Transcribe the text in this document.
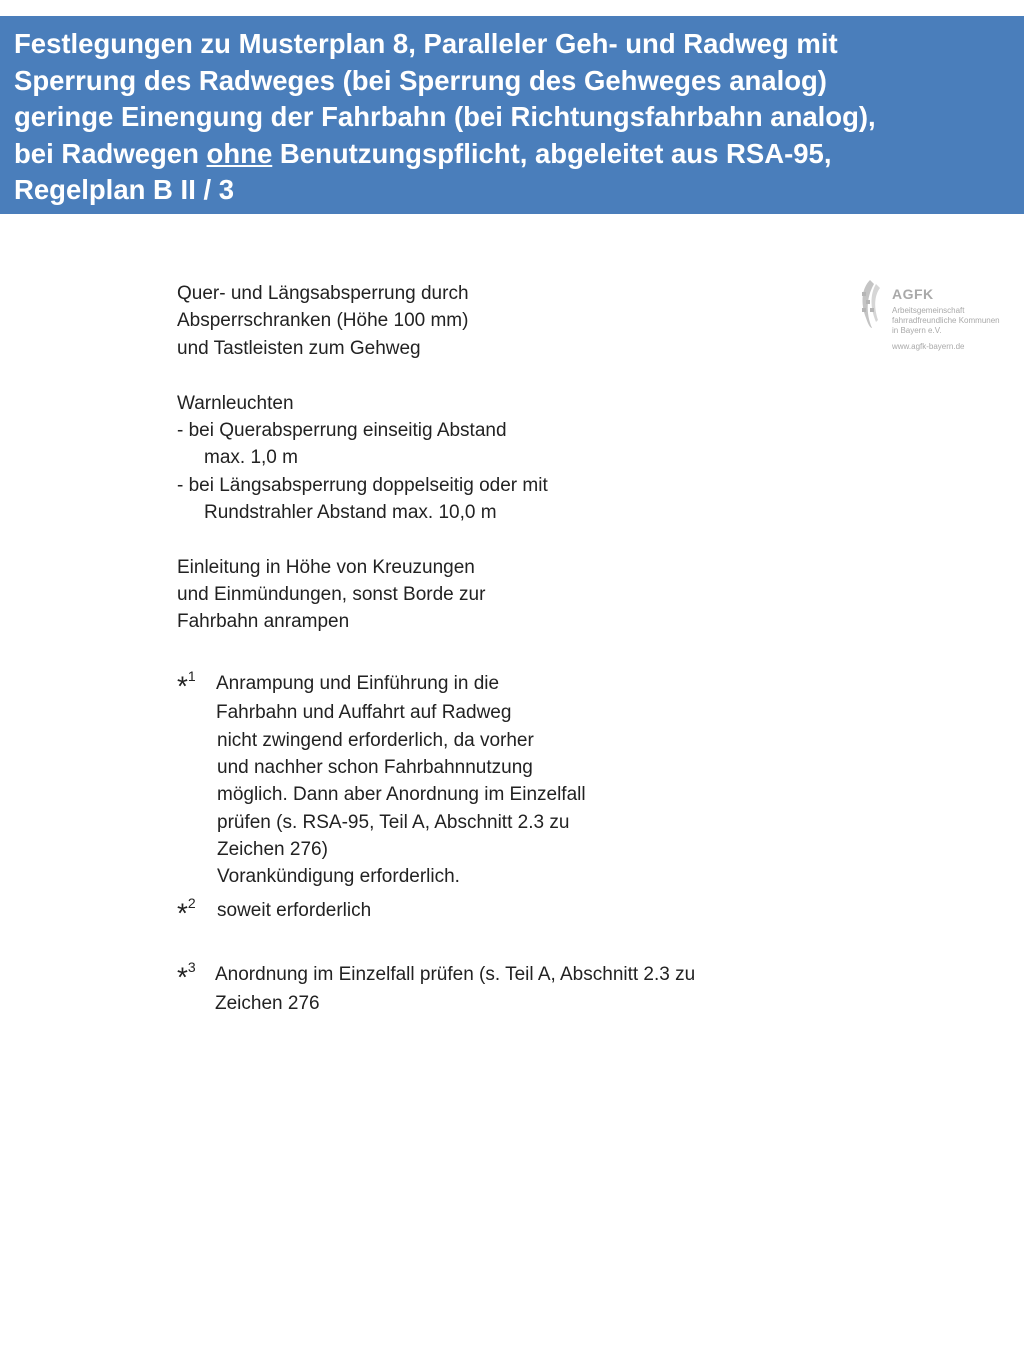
Festlegungen zu Musterplan 8, Paralleler Geh- und Radweg mit
Sperrung des Radweges (bei Sperrung des Gehweges analog)
geringe Einengung der Fahrbahn (bei Richtungsfahrbahn analog),
bei Radwegen ohne Benutzungspflicht, abgeleitet aus RSA-95,
Regelplan B II / 3
AGFK
Arbeitsgemeinschaft
fahrradfreundliche Kommunen
in Bayern e.V.
www.agfk-bayern.de
Quer- und Längsabsperrung durch
Absperrschranken (Höhe 100 mm)
und Tastleisten zum Gehweg
Warnleuchten
- bei Querabsperrung einseitig Abstand
max. 1,0 m
- bei Längsabsperrung doppelseitig oder mit
Rundstrahler Abstand max. 10,0 m
Einleitung in Höhe von Kreuzungen
und Einmündungen, sonst Borde zur
Fahrbahn anrampen
*$^1$ Anrampung und Einführung in die
Fahrbahn und Auffahrt auf Radweg
nicht zwingend erforderlich, da vorher
und nachher schon Fahrbahnnutzung
möglich. Dann aber Anordnung im Einzelfall
prüfen (s. RSA-95, Teil A, Abschnitt 2.3 zu
Zeichen 276)
Vorankündigung erforderlich.
*$^2$ soweit erforderlich
*$^3$ Anordnung im Einzelfall prüfen (s. Teil A, Abschnitt 2.3 zu
Zeichen 276
